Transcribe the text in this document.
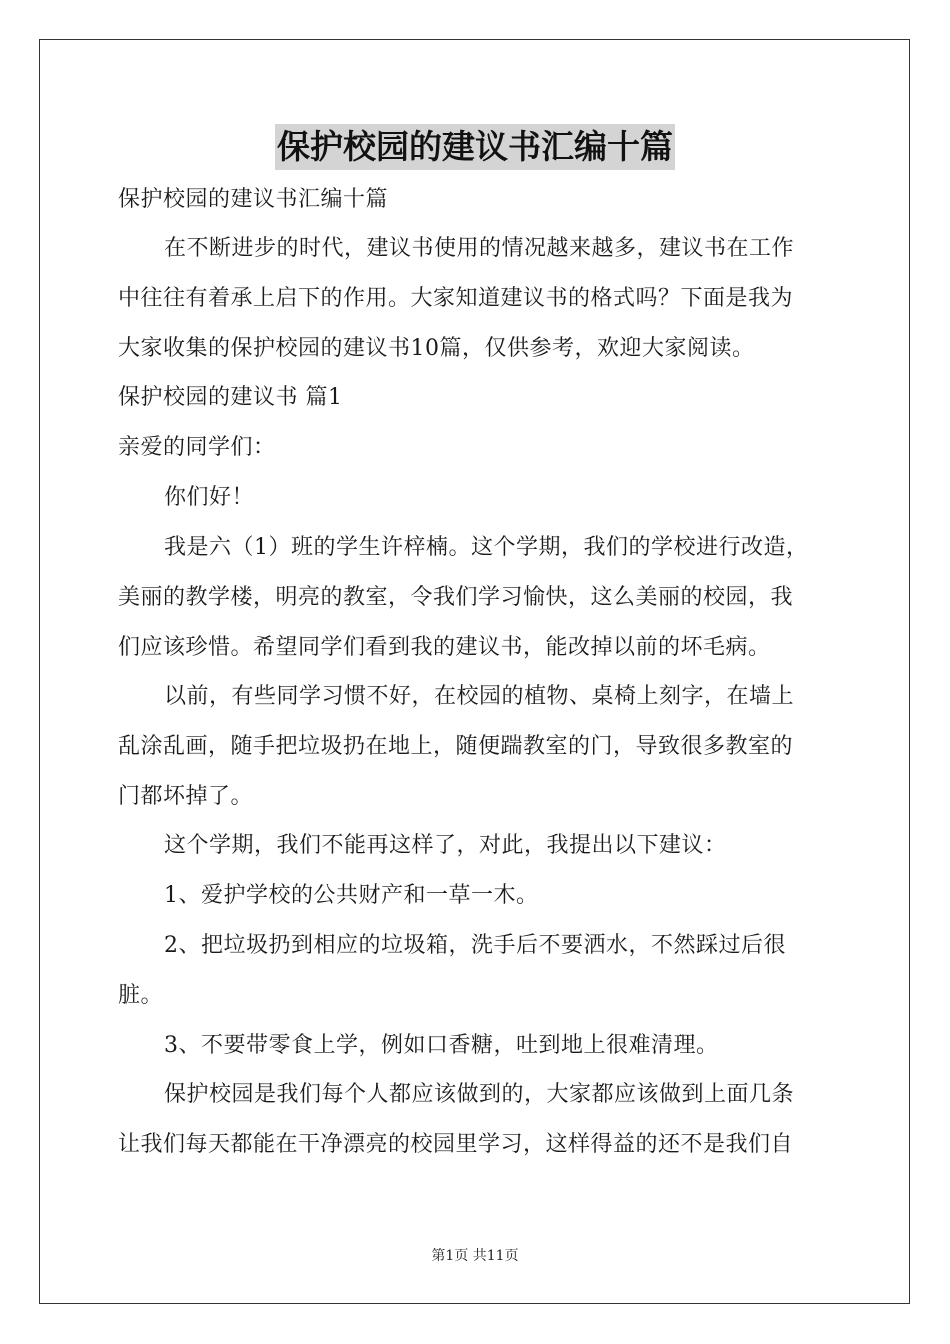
保护校园的建议书汇编十篇
保护校园的建议书汇编十篇
在不断进步的时代，建议书使用的情况越来越多，建议书在工作
中往往有着承上启下的作用。大家知道建议书的格式吗？下面是我为
大家收集的保护校园的建议书10篇，仅供参考，欢迎大家阅读。
保护校园的建议书 篇1
亲爱的同学们：
你们好！
我是六（1）班的学生许梓楠。这个学期，我们的学校进行改造，
美丽的教学楼，明亮的教室，令我们学习愉快，这么美丽的校园，我
们应该珍惜。希望同学们看到我的建议书，能改掉以前的坏毛病。
以前，有些同学习惯不好，在校园的植物、桌椅上刻字，在墙上
乱涂乱画，随手把垃圾扔在地上，随便踹教室的门，导致很多教室的
门都坏掉了。
这个学期，我们不能再这样了，对此，我提出以下建议：
1、爱护学校的公共财产和一草一木。
2、把垃圾扔到相应的垃圾箱，洗手后不要洒水，不然踩过后很
脏。
3、不要带零食上学，例如口香糖，吐到地上很难清理。
保护校园是我们每个人都应该做到的，大家都应该做到上面几条
让我们每天都能在干净漂亮的校园里学习，这样得益的还不是我们自
第1页 共11页
